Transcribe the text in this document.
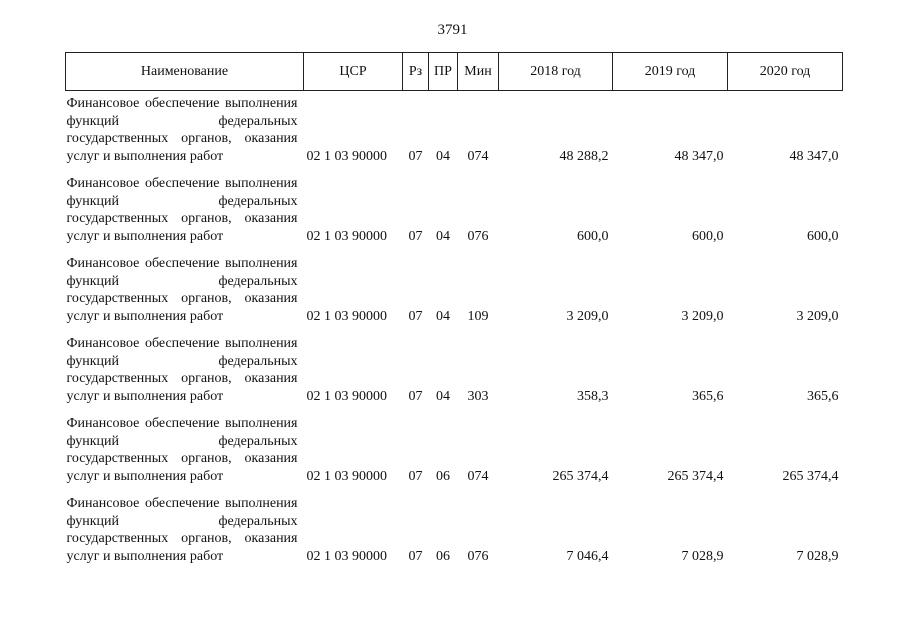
3791
Наименование	ЦСР	Рз	ПР	Мин	2018 год	2019 год	2020 год

Финансовое обеспечение выполнения функций федеральных государственных органов, оказания услуг и выполнения работ	02 1 03 90000	07	04	074	48 288,2	48 347,0	48 347,0

Финансовое обеспечение выполнения функций федеральных государственных органов, оказания услуг и выполнения работ	02 1 03 90000	07	04	076	600,0	600,0	600,0

Финансовое обеспечение выполнения функций федеральных государственных органов, оказания услуг и выполнения работ	02 1 03 90000	07	04	109	3 209,0	3 209,0	3 209,0

Финансовое обеспечение выполнения функций федеральных государственных органов, оказания услуг и выполнения работ	02 1 03 90000	07	04	303	358,3	365,6	365,6

Финансовое обеспечение выполнения функций федеральных государственных органов, оказания услуг и выполнения работ	02 1 03 90000	07	06	074	265 374,4	265 374,4	265 374,4

Финансовое обеспечение выполнения функций федеральных государственных органов, оказания услуг и выполнения работ	02 1 03 90000	07	06	076	7 046,4	7 028,9	7 028,9
